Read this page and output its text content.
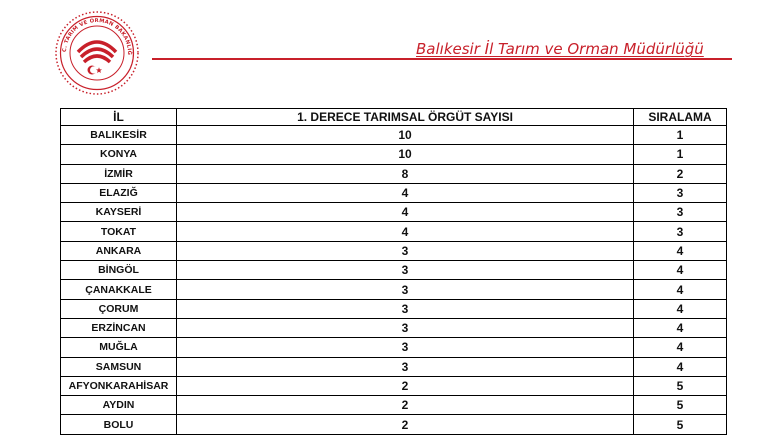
C. TARIM VE ORMAN BAKANLIĞ	Balıkesir İl Tarım ve Orman Müdürlüğü
İL	1. DERECE TARIMSAL ÖRGÜT SAYISI	SIRALAMA
BALIKESİR	10	1
KONYA	10	1
İZMİR	8	2
ELAZIĞ	4	3
KAYSERİ	4	3
TOKAT	4	3
ANKARA	3	4
BİNGÖL	3	4
ÇANAKKALE	3	4
ÇORUM	3	4
ERZİNCAN	3	4
MUĞLA	3	4
SAMSUN	3	4
AFYONKARAHİSAR	2	5
AYDIN	2	5
BOLU	2	5
